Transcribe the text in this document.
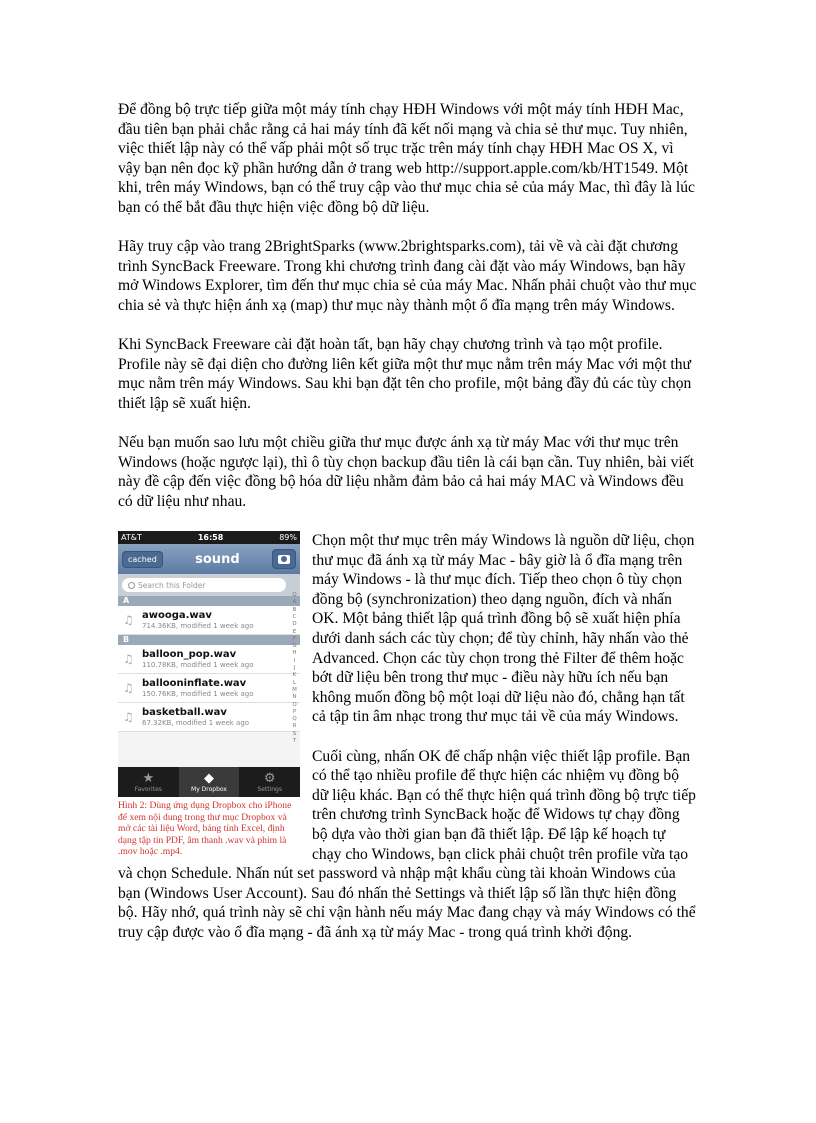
Để đồng bộ trực tiếp giữa một máy tính chạy HĐH Windows với một máy tính HĐH Mac, đầu tiên bạn phải chắc rằng cả hai máy tính đã kết nối mạng và chia sẻ thư mục. Tuy nhiên, việc thiết lập này có thể vấp phải một số trục trặc trên máy tính chạy HĐH Mac OS X, vì vậy bạn nên đọc kỹ phần hướng dẫn ở trang web http://support.apple.com/kb/HT1549. Một khi, trên máy Windows, bạn có thể truy cập vào thư mục chia sẻ của máy Mac, thì đây là lúc bạn có thể bắt đầu thực hiện việc đồng bộ dữ liệu.

Hãy truy cập vào trang 2BrightSparks (www.2brightsparks.com), tải về và cài đặt chương trình SyncBack Freeware. Trong khi chương trình đang cài đặt vào máy Windows, bạn hãy mở Windows Explorer, tìm đến thư mục chia sẻ của máy Mac. Nhấn phải chuột vào thư mục chia sẻ và thực hiện ánh xạ (map) thư mục này thành một ổ đĩa mạng trên máy Windows.

Khi SyncBack Freeware cài đặt hoàn tất, bạn hãy chạy chương trình và tạo một profile. Profile này sẽ đại diện cho đường liên kết giữa một thư mục nằm trên máy Mac với một thư mục nằm trên máy Windows. Sau khi bạn đặt tên cho profile, một bảng đầy đủ các tùy chọn thiết lập sẽ xuất hiện.

Nếu bạn muốn sao lưu một chiều giữa thư mục được ánh xạ từ máy Mac với thư mục trên Windows (hoặc ngược lại), thì ô tùy chọn backup đầu tiên là cái bạn cần. Tuy nhiên, bài viết này đề cập đến việc đồng bộ hóa dữ liệu nhằm đảm bảo cả hai máy MAC và Windows đều có dữ liệu như nhau.

AT&T	16:58	89%
cached	sound
Search this Folder
A
♫ awooga.wav
714.36KB, modified 1 week ago
B
♫ balloon_pop.wav
110.78KB, modified 1 week ago
♫ ballooninflate.wav
150.76KB, modified 1 week ago
♫ basketball.wav
67.32KB, modified 1 week ago
Q
A
B
C
D
E
F
G
H
I
J
K
L
M
N
O
P
Q
R
S
T
★
Favorites
◆
My Dropbox
⚙
Settings
Hình 2: Dùng ứng dụng Dropbox cho iPhone để xem nội dung trong thư mục Dropbox và mở các tài liệu Word, bảng tính Excel, định dạng tập tin PDF, âm thanh .wav và phim là .mov hoặc .mp4.

Chọn một thư mục trên máy Windows là nguồn dữ liệu, chọn thư mục đã ánh xạ từ máy Mac - bây giờ là ổ đĩa mạng trên máy Windows - là thư mục đích. Tiếp theo chọn ô tùy chọn đồng bộ (synchronization) theo dạng nguồn, đích và nhấn OK. Một bảng thiết lập quá trình đồng bộ sẽ xuất hiện phía dưới danh sách các tùy chọn; để tùy chỉnh, hãy nhấn vào thẻ Advanced. Chọn các tùy chọn trong thẻ Filter để thêm hoặc bớt dữ liệu bên trong thư mục - điều này hữu ích nếu bạn không muốn đồng bộ một loại dữ liệu nào đó, chẳng hạn tất cả tập tin âm nhạc trong thư mục tải về của máy Windows.

Cuối cùng, nhấn OK để chấp nhận việc thiết lập profile. Bạn có thể tạo nhiều profile để thực hiện các nhiệm vụ đồng bộ dữ liệu khác. Bạn có thể thực hiện quá trình đồng bộ trực tiếp trên chương trình SyncBack hoặc để Widows tự chạy đồng bộ dựa vào thời gian bạn đã thiết lập. Để lập kế hoạch tự chạy cho Windows, bạn click phải chuột trên profile vừa tạo và chọn Schedule. Nhấn nút set password và nhập mật khẩu cùng tài khoản Windows của bạn (Windows User Account). Sau đó nhấn thẻ Settings và thiết lập số lần thực hiện đồng bộ. Hãy nhớ, quá trình này sẽ chỉ vận hành nếu máy Mac đang chạy và máy Windows có thể truy cập được vào ổ đĩa mạng - đã ánh xạ từ máy Mac - trong quá trình khởi động.
